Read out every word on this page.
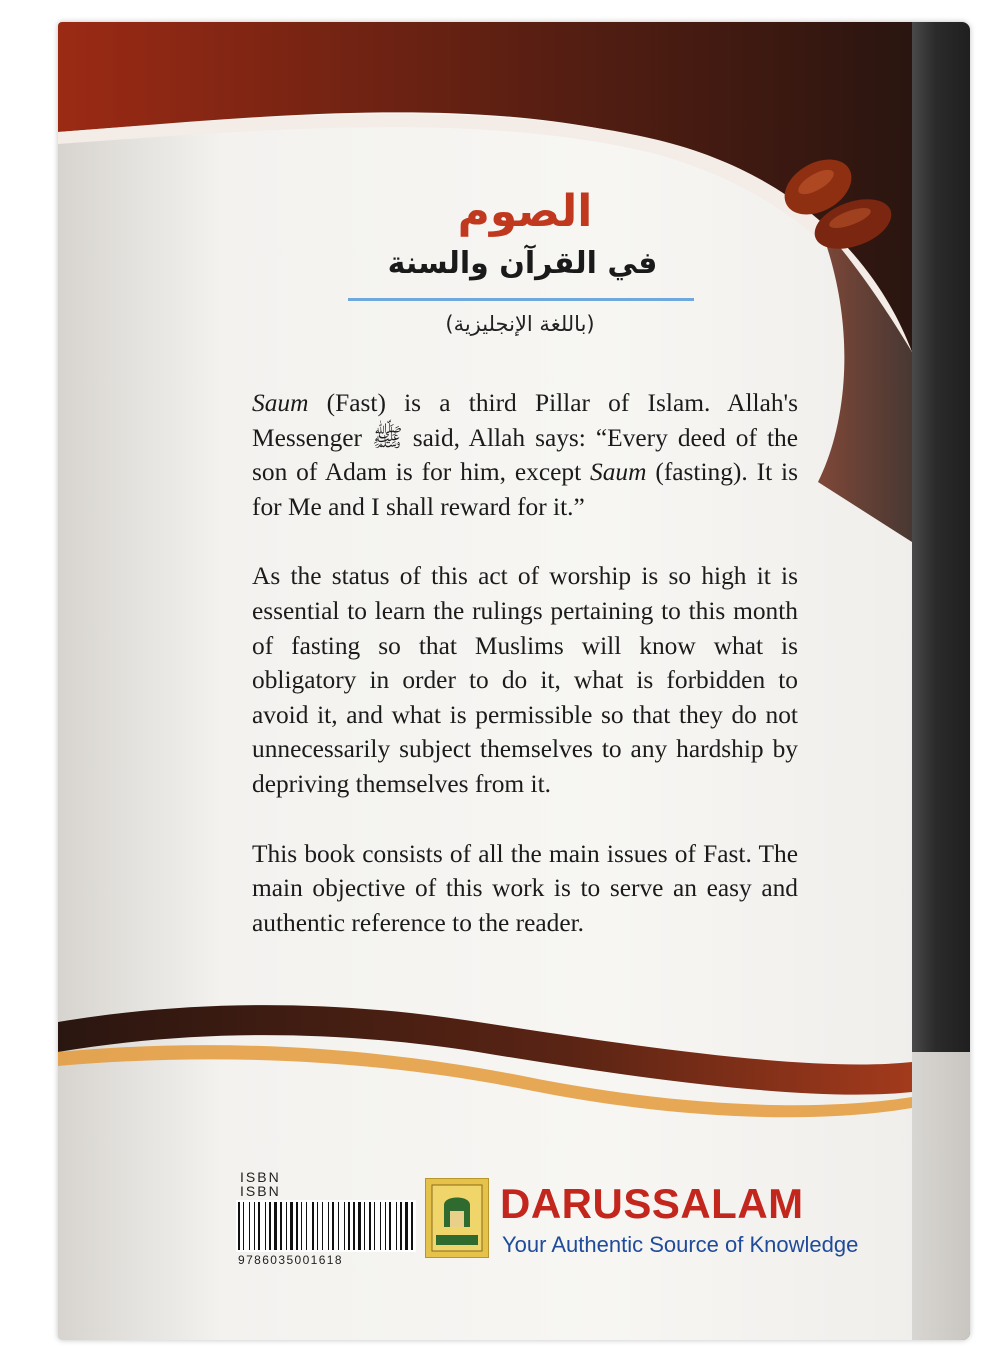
الصوم
في القرآن والسنة
(باللغة الإنجليزية)

Saum (Fast) is a third Pillar of Islam. Allah's Messenger ﷺ said, Allah says: “Every deed of the son of Adam is for him, except Saum (fasting). It is for Me and I shall reward for it.”

As the status of this act of worship is so high it is essential to learn the rulings pertaining to this month of fasting so that Muslims will know what is obligatory in order to do it, what is forbidden to avoid it, and what is permissible so that they do not unnecessarily subject themselves to any hardship by depriving themselves from it.

This book consists of all the main issues of Fast. The main objective of this work is to serve an easy and authentic reference to the reader.

ISBN
ISBN
9786035001618
DARUSSALAM
Your Authentic Source of Knowledge
